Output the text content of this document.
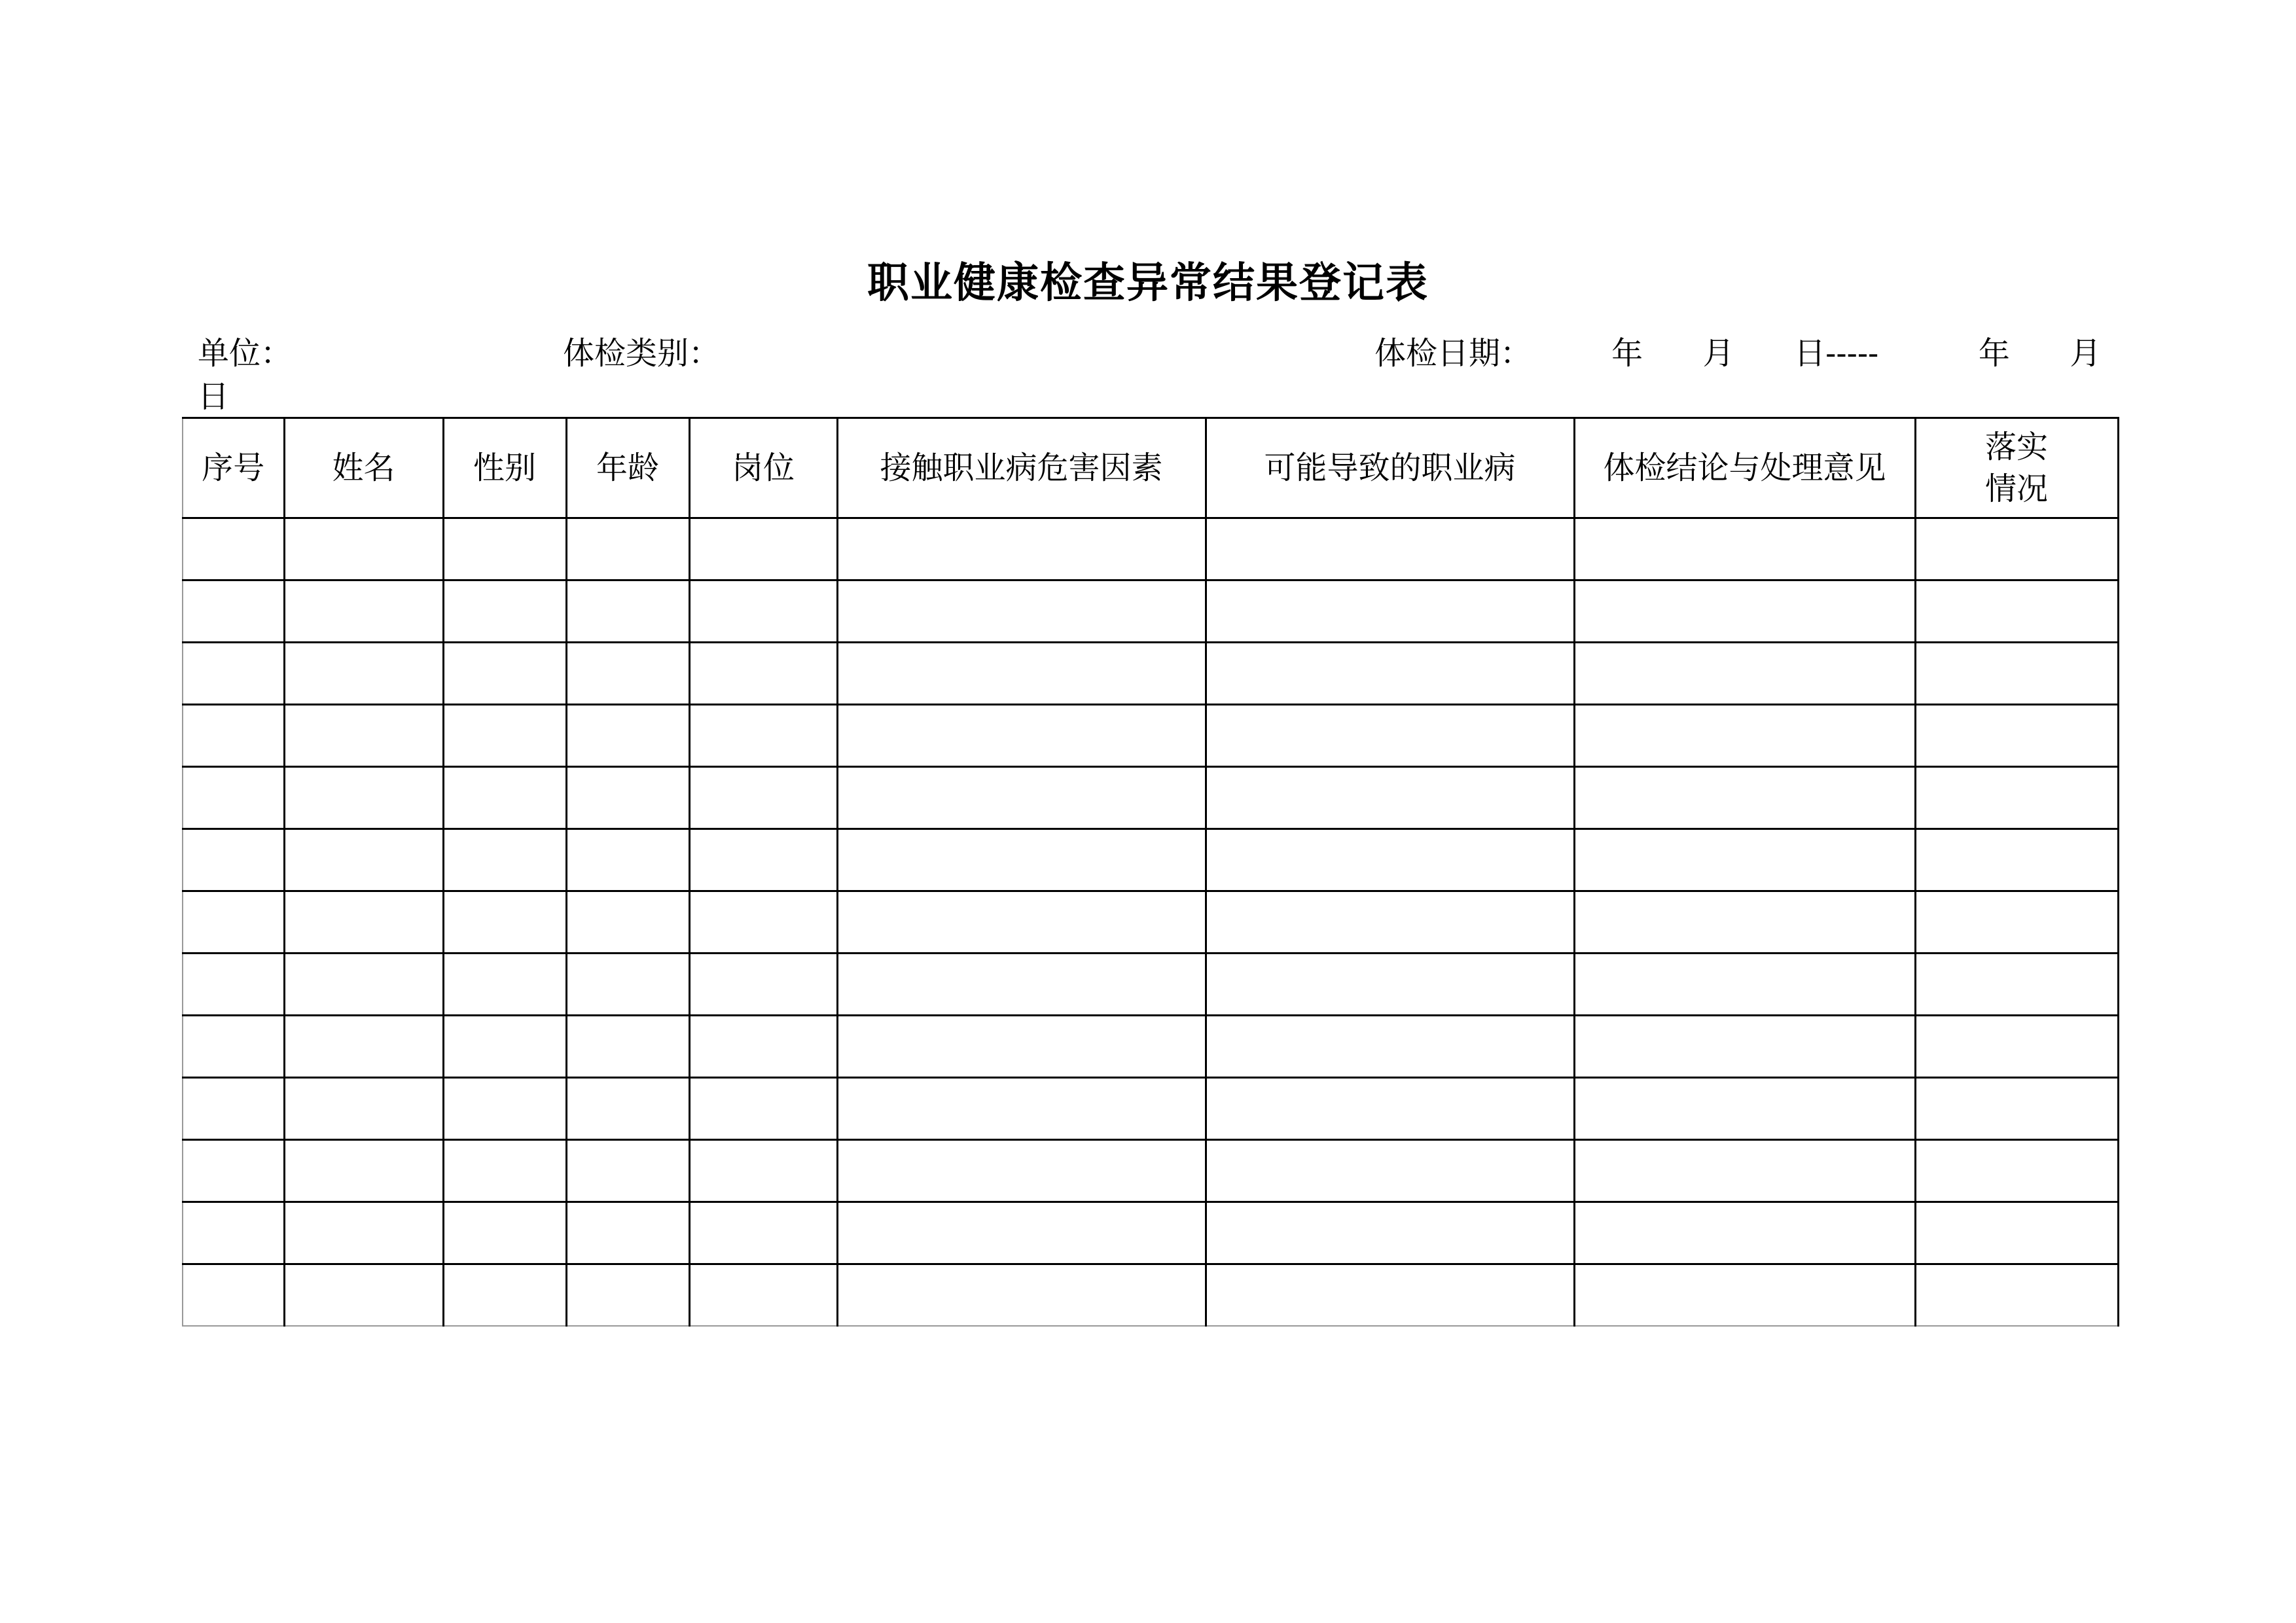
职业健康检查异常结果登记表
单位：	体检类别：	体检日期：        年      月      日-----          年      月
日
序号	姓名	性别	年龄	岗位	接触职业病危害因素	可能导致的职业病	体检结论与处理意见	落实
情况
